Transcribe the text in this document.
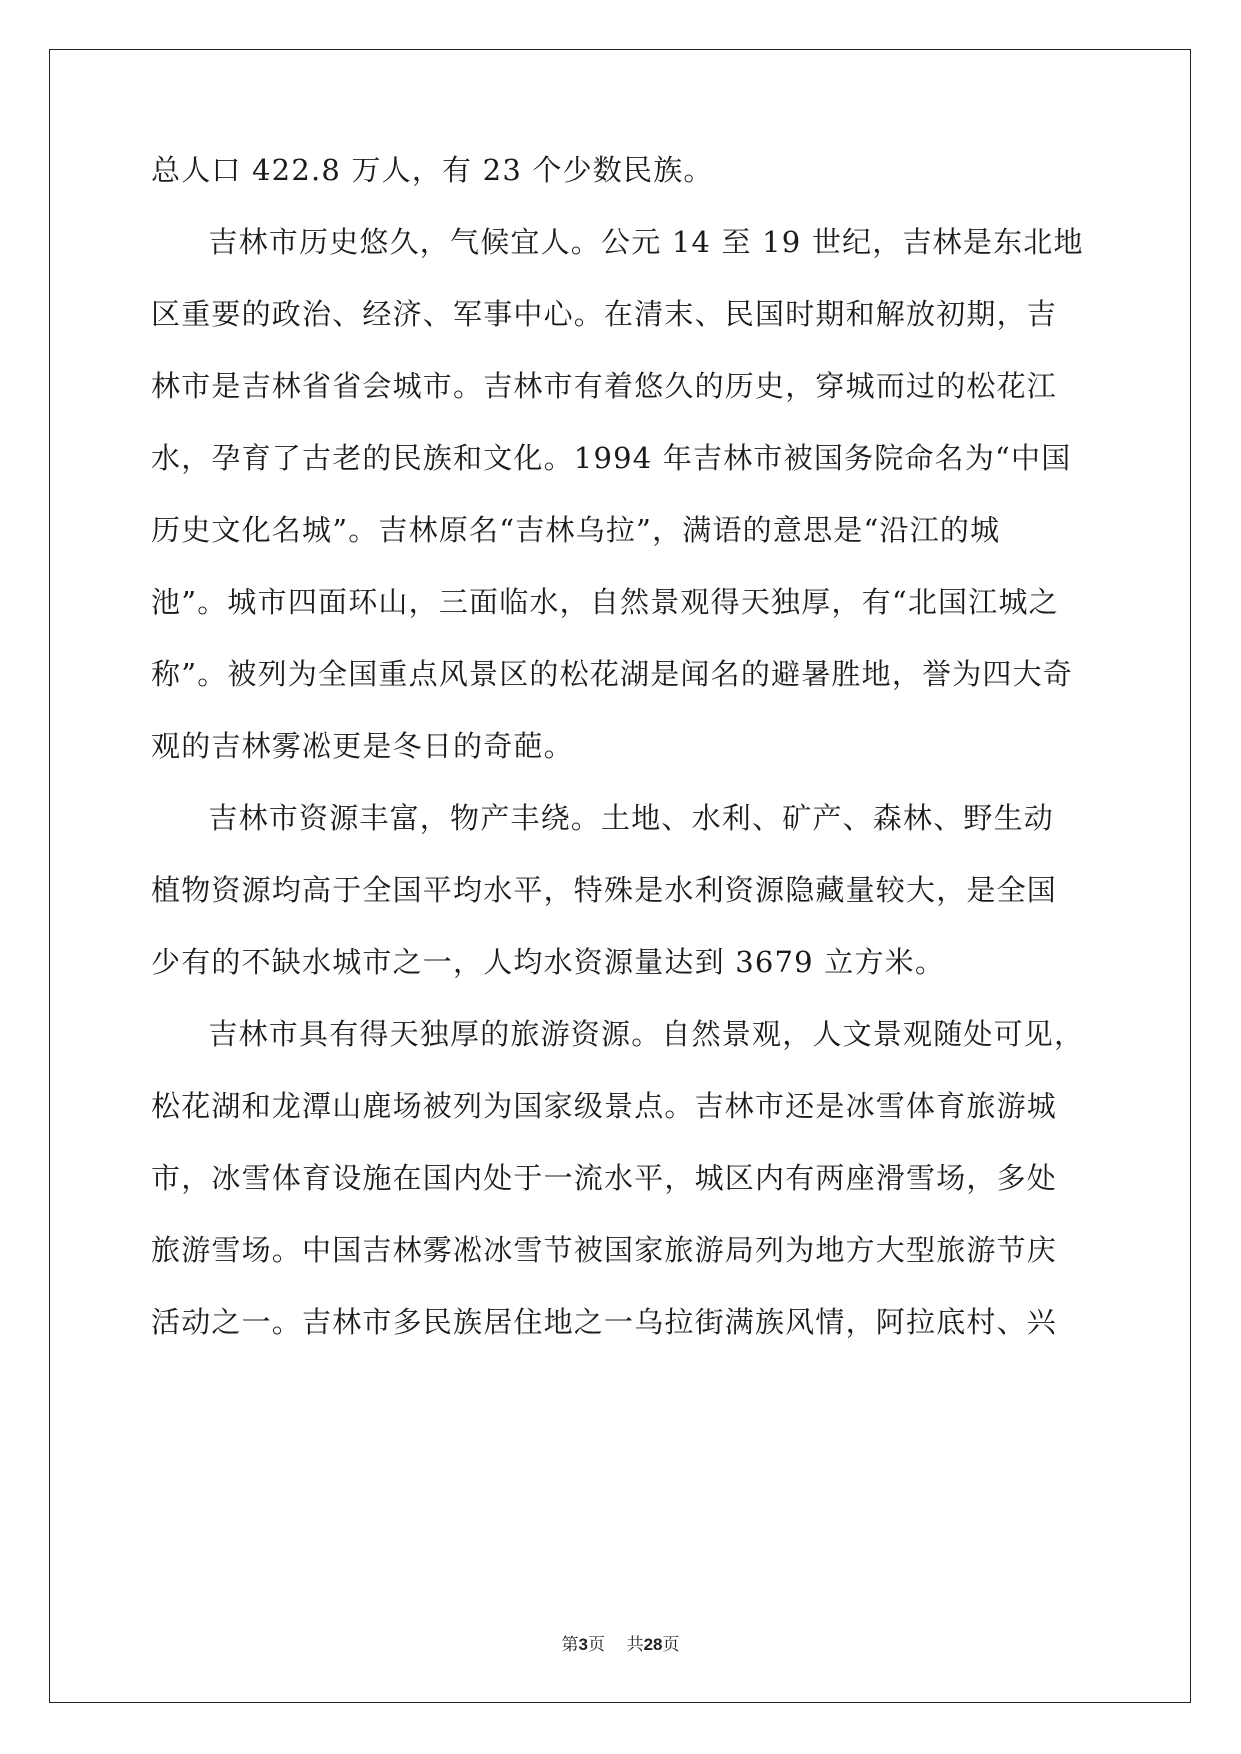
总人口 422.8 万人，有 23 个少数民族。
　　吉林市历史悠久，气候宜人。公元 14 至 19 世纪，吉林是东北地
区重要的政治、经济、军事中心。在清末、民国时期和解放初期，吉
林市是吉林省省会城市。吉林市有着悠久的历史，穿城而过的松花江
水，孕育了古老的民族和文化。1994 年吉林市被国务院命名为“中国
历史文化名城”。吉林原名“吉林乌拉”，满语的意思是“沿江的城
池”。城市四面环山，三面临水，自然景观得天独厚，有“北国江城之
称”。被列为全国重点风景区的松花湖是闻名的避暑胜地，誉为四大奇
观的吉林雾凇更是冬日的奇葩。
　　吉林市资源丰富，物产丰绕。土地、水利、矿产、森林、野生动
植物资源均高于全国平均水平，特殊是水利资源隐藏量较大，是全国
少有的不缺水城市之一，人均水资源量达到 3679 立方米。
　　吉林市具有得天独厚的旅游资源。自然景观，人文景观随处可见，
松花湖和龙潭山鹿场被列为国家级景点。吉林市还是冰雪体育旅游城
市，冰雪体育设施在国内处于一流水平，城区内有两座滑雪场，多处
旅游雪场。中国吉林雾凇冰雪节被国家旅游局列为地方大型旅游节庆
活动之一。吉林市多民族居住地之一乌拉街满族风情，阿拉底村、兴
第3页 共28页
